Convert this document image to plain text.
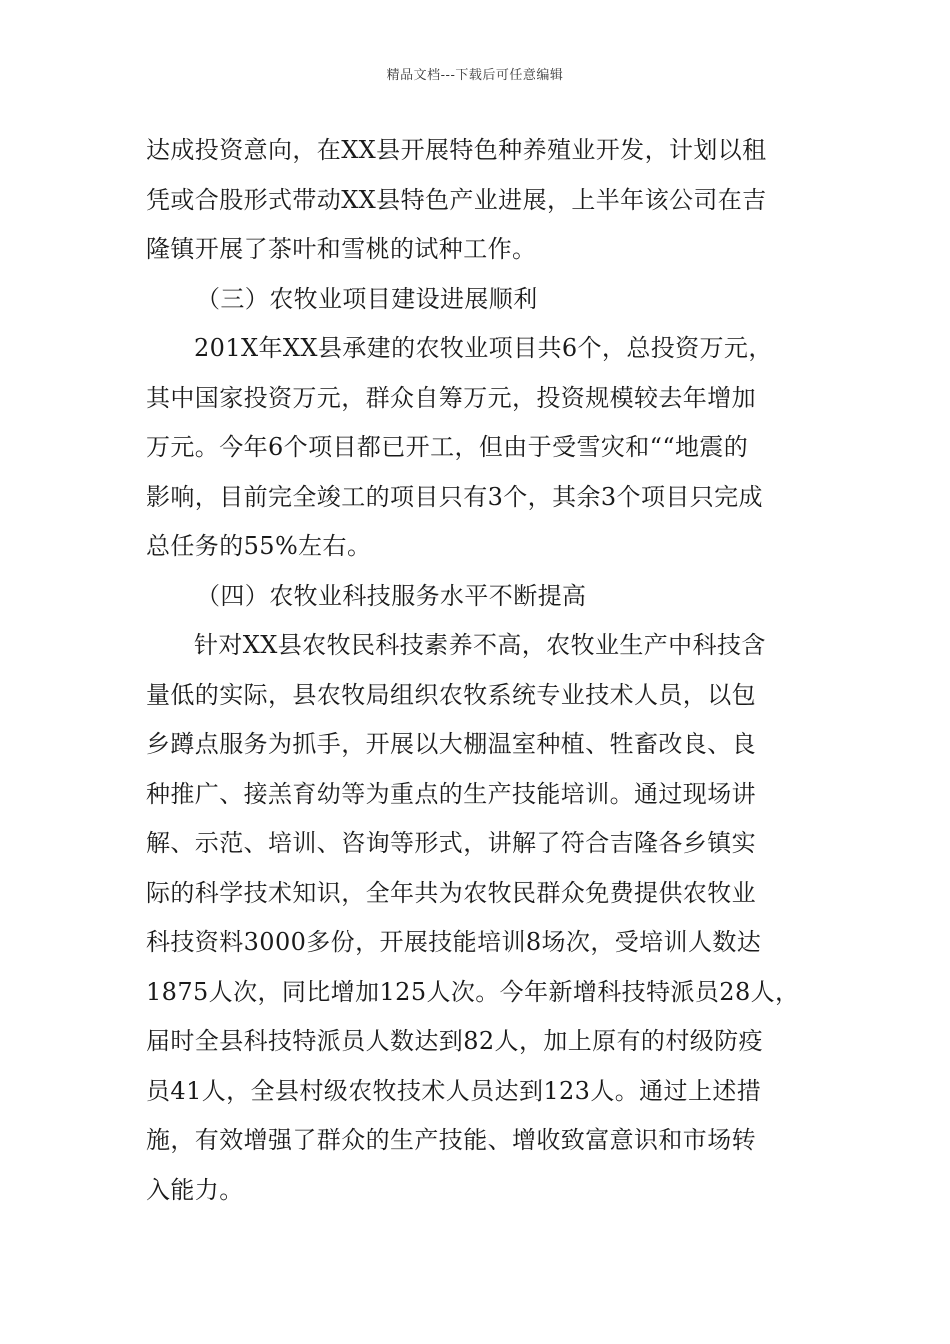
精品文档---下载后可任意编辑
达成投资意向，在XX县开展特色种养殖业开发，计划以租
凭或合股形式带动XX县特色产业进展，上半年该公司在吉
隆镇开展了茶叶和雪桃的试种工作。
（三）农牧业项目建设进展顺利
201X年XX县承建的农牧业项目共6个，总投资万元，
其中国家投资万元，群众自筹万元，投资规模较去年增加
万元。今年6个项目都已开工，但由于受雪灾和““地震的
影响，目前完全竣工的项目只有3个，其余3个项目只完成
总任务的55%左右。
（四）农牧业科技服务水平不断提高
针对XX县农牧民科技素养不高，农牧业生产中科技含
量低的实际，县农牧局组织农牧系统专业技术人员，以包
乡蹲点服务为抓手，开展以大棚温室种植、牲畜改良、良
种推广、接羔育幼等为重点的生产技能培训。通过现场讲
解、示范、培训、咨询等形式，讲解了符合吉隆各乡镇实
际的科学技术知识，全年共为农牧民群众免费提供农牧业
科技资料3000多份，开展技能培训8场次，受培训人数达
1875人次，同比增加125人次。今年新增科技特派员28人，
届时全县科技特派员人数达到82人，加上原有的村级防疫
员41人，全县村级农牧技术人员达到123人。通过上述措
施，有效增强了群众的生产技能、增收致富意识和市场转
入能力。
